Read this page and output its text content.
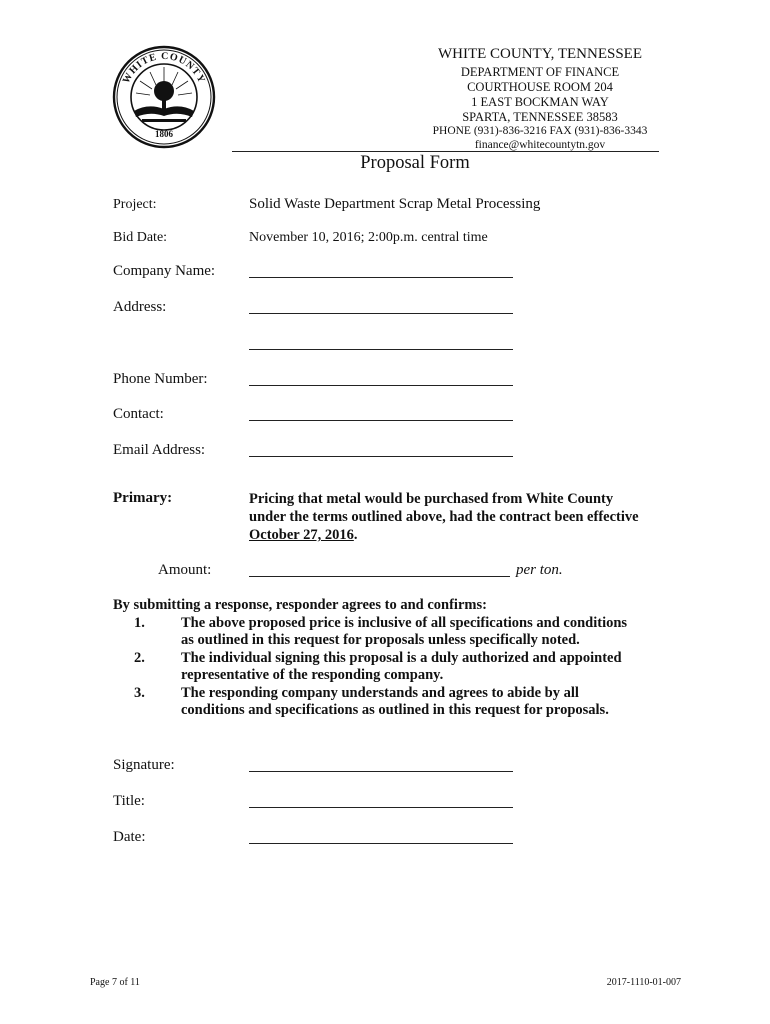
WHITE COUNTY
1806
WHITE COUNTY, TENNESSEE
DEPARTMENT OF FINANCE
COURTHOUSE ROOM 204
1 EAST BOCKMAN WAY
SPARTA, TENNESSEE 38583
PHONE (931)-836-3216 FAX (931)-836-3343
finance@whitecountytn.gov
Proposal Form
Project:	Solid Waste Department Scrap Metal Processing
Bid Date:	November 10, 2016; 2:00p.m. central time
Company Name:
Address:
Phone Number:
Contact:
Email Address:
Primary:	Pricing that metal would be purchased from White County
under the terms outlined above, had the contract been effective
October 27, 2016.
Amount:	per ton.
By submitting a response, responder agrees to and confirms:
1. The above proposed price is inclusive of all specifications and conditions
as outlined in this request for proposals unless specifically noted.
2. The individual signing this proposal is a duly authorized and appointed
representative of the responding company.
3. The responding company understands and agrees to abide by all
conditions and specifications as outlined in this request for proposals.
Signature:
Title:
Date:
Page 7 of 11	2017-1110-01-007
